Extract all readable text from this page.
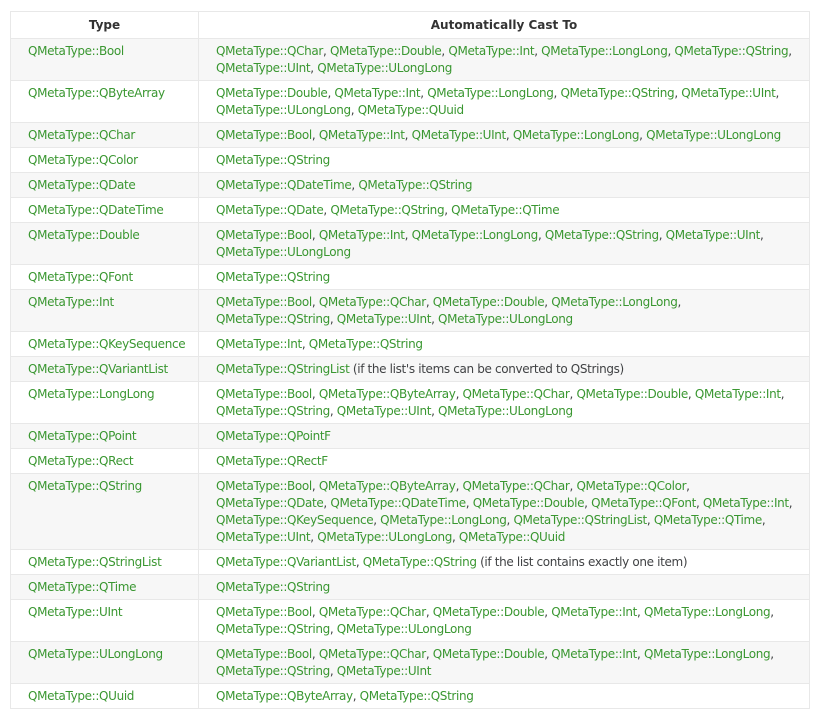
Type	Automatically Cast To
QMetaType::Bool	QMetaType::QChar, QMetaType::Double, QMetaType::Int, QMetaType::LongLong, QMetaType::QString, QMetaType::UInt, QMetaType::ULongLong
QMetaType::QByteArray	QMetaType::Double, QMetaType::Int, QMetaType::LongLong, QMetaType::QString, QMetaType::UInt, QMetaType::ULongLong, QMetaType::QUuid
QMetaType::QChar	QMetaType::Bool, QMetaType::Int, QMetaType::UInt, QMetaType::LongLong, QMetaType::ULongLong
QMetaType::QColor	QMetaType::QString
QMetaType::QDate	QMetaType::QDateTime, QMetaType::QString
QMetaType::QDateTime	QMetaType::QDate, QMetaType::QString, QMetaType::QTime
QMetaType::Double	QMetaType::Bool, QMetaType::Int, QMetaType::LongLong, QMetaType::QString, QMetaType::UInt, QMetaType::ULongLong
QMetaType::QFont	QMetaType::QString
QMetaType::Int	QMetaType::Bool, QMetaType::QChar, QMetaType::Double, QMetaType::LongLong, QMetaType::QString, QMetaType::UInt, QMetaType::ULongLong
QMetaType::QKeySequence	QMetaType::Int, QMetaType::QString
QMetaType::QVariantList	QMetaType::QStringList (if the list's items can be converted to QStrings)
QMetaType::LongLong	QMetaType::Bool, QMetaType::QByteArray, QMetaType::QChar, QMetaType::Double, QMetaType::Int, QMetaType::QString, QMetaType::UInt, QMetaType::ULongLong
QMetaType::QPoint	QMetaType::QPointF
QMetaType::QRect	QMetaType::QRectF
QMetaType::QString	QMetaType::Bool, QMetaType::QByteArray, QMetaType::QChar, QMetaType::QColor, QMetaType::QDate, QMetaType::QDateTime, QMetaType::Double, QMetaType::QFont, QMetaType::Int, QMetaType::QKeySequence, QMetaType::LongLong, QMetaType::QStringList, QMetaType::QTime, QMetaType::UInt, QMetaType::ULongLong, QMetaType::QUuid
QMetaType::QStringList	QMetaType::QVariantList, QMetaType::QString (if the list contains exactly one item)
QMetaType::QTime	QMetaType::QString
QMetaType::UInt	QMetaType::Bool, QMetaType::QChar, QMetaType::Double, QMetaType::Int, QMetaType::LongLong, QMetaType::QString, QMetaType::ULongLong
QMetaType::ULongLong	QMetaType::Bool, QMetaType::QChar, QMetaType::Double, QMetaType::Int, QMetaType::LongLong, QMetaType::QString, QMetaType::UInt
QMetaType::QUuid	QMetaType::QByteArray, QMetaType::QString
